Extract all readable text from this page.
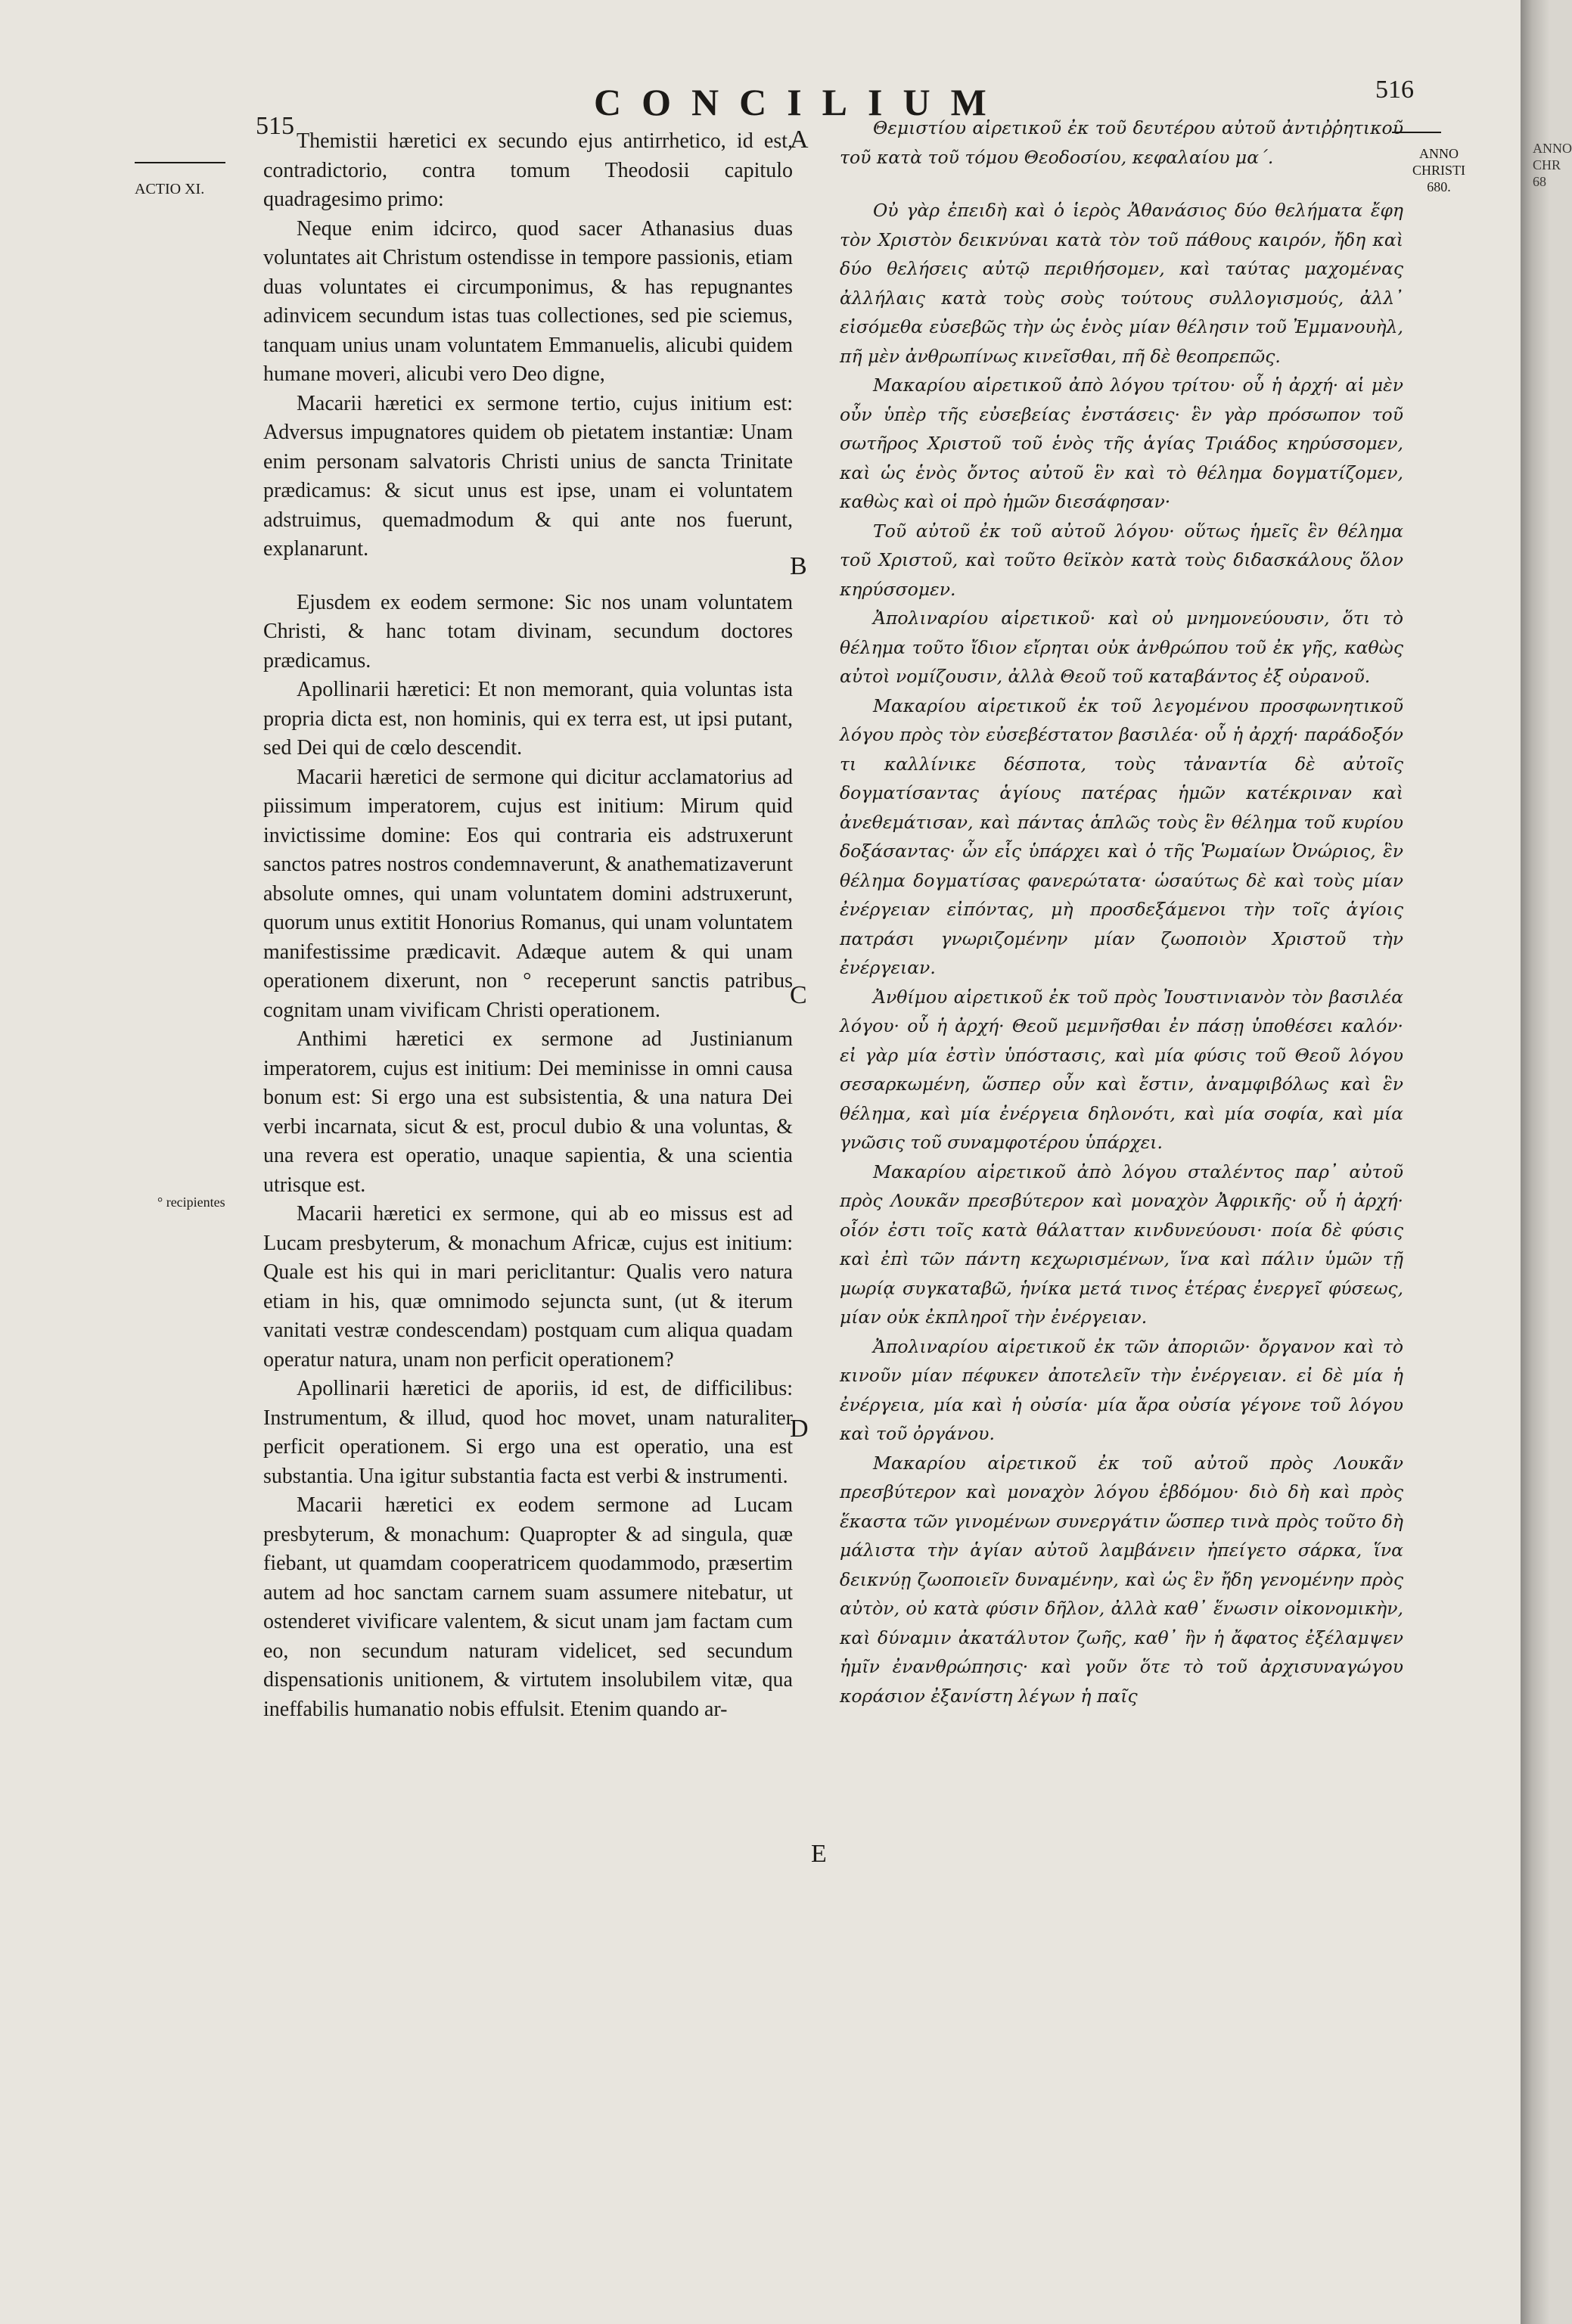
515
CONCILIUM	516
ACTIO XI.
ANNO CHRISTI 680.
° recipientes
A
B
C
D
E

Themistii hæretici ex secundo ejus antirrhetico, id est, contradictorio, contra tomum Theodosii capitulo quadragesimo primo:

Neque enim idcirco, quod sacer Athanasius duas voluntates ait Christum ostendisse in tempore passionis, etiam duas voluntates ei circumponimus, & has repugnantes adinvicem secundum istas tuas collectiones, sed pie sciemus, tanquam unius unam voluntatem Emmanuelis, alicubi quidem humane moveri, alicubi vero Deo digne,

Macarii hæretici ex sermone tertio, cujus initium est: Adversus impugnatores quidem ob pietatem instantiæ: Unam enim personam salvatoris Christi unius de sancta Trinitate prædicamus: & sicut unus est ipse, unam ei voluntatem adstruimus, quemadmodum & qui ante nos fuerunt, explanarunt.

Ejusdem ex eodem sermone: Sic nos unam voluntatem Christi, & hanc totam divinam, secundum doctores prædicamus.

Apollinarii hæretici: Et non memorant, quia voluntas ista propria dicta est, non hominis, qui ex terra est, ut ipsi putant, sed Dei qui de cœlo descendit.

Macarii hæretici de sermone qui dicitur acclamatorius ad piissimum imperatorem, cujus est initium: Mirum quid invictissime domine: Eos qui contraria eis adstruxerunt sanctos patres nostros condemnaverunt, & anathematizaverunt absolute omnes, qui unam voluntatem domini adstruxerunt, quorum unus extitit Honorius Romanus, qui unam voluntatem manifestissime prædicavit. Adæque autem & qui unam operationem dixerunt, non ° receperunt sanctis patribus cognitam unam vivificam Christi operationem.

Anthimi hæretici ex sermone ad Justinianum imperatorem, cujus est initium: Dei meminisse in omni causa bonum est: Si ergo una est subsistentia, & una natura Dei verbi incarnata, sicut & est, procul dubio & una voluntas, & una revera est operatio, unaque sapientia, & una scientia utrisque est.

Macarii hæretici ex sermone, qui ab eo missus est ad Lucam presbyterum, & monachum Africæ, cujus est initium: Quale est his qui in mari periclitantur: Qualis vero natura etiam in his, quæ omnimodo sejuncta sunt, (ut & iterum vanitati vestræ condescendam) postquam cum aliqua quadam operatur natura, unam non perficit operationem?

Apollinarii hæretici de aporiis, id est, de difficilibus: Instrumentum, & illud, quod hoc movet, unam naturaliter perficit operationem. Si ergo una est operatio, una est substantia. Una igitur substantia facta est verbi & instrumenti.

Macarii hæretici ex eodem sermone ad Lucam presbyterum, & monachum: Quapropter & ad singula, quæ fiebant, ut quamdam cooperatricem quodammodo, præsertim autem ad hoc sanctam carnem suam assumere nitebatur, ut ostenderet vivificare valentem, & sicut unam jam factam cum eo, non secundum naturam videlicet, sed secundum dispensationis unitionem, & virtutem insolubilem vitæ, qua ineffabilis humanatio nobis effulsit. Etenim quando ar-

Θεμιστίου αἱρετικοῦ ἐκ τοῦ δευτέρου αὐτοῦ ἀντιῤῥητικοῦ τοῦ κατὰ τοῦ τόμου Θεοδοσίου, κεφαλαίου μα΄.

Οὐ γὰρ ἐπειδὴ καὶ ὁ ἱερὸς Ἀθανάσιος δύο θελήματα ἔφη τὸν Χριστὸν δεικνύναι κατὰ τὸν τοῦ πάθους καιρόν, ἤδη καὶ δύο θελήσεις αὐτῷ περιθήσομεν, καὶ ταύτας μαχομένας ἀλλήλαις κατὰ τοὺς σοὺς τούτους συλλογισμούς, ἀλλ᾽ εἰσόμεθα εὐσεβῶς τὴν ὡς ἑνὸς μίαν θέλησιν τοῦ Ἐμμανουὴλ, πῆ μὲν ἀνθρωπίνως κινεῖσθαι, πῆ δὲ θεοπρεπῶς.

Μακαρίου αἱρετικοῦ ἀπὸ λόγου τρίτου· οὗ ἡ ἀρχή· αἱ μὲν οὖν ὑπὲρ τῆς εὐσεβείας ἐνστάσεις· ἓν γὰρ πρόσωπον τοῦ σωτῆρος Χριστοῦ τοῦ ἑνὸς τῆς ἁγίας Τριάδος κηρύσσομεν, καὶ ὡς ἑνὸς ὄντος αὐτοῦ ἓν καὶ τὸ θέλημα δογματίζομεν, καθὼς καὶ οἱ πρὸ ἡμῶν διεσάφησαν·

Τοῦ αὐτοῦ ἐκ τοῦ αὐτοῦ λόγου· οὕτως ἡμεῖς ἓν θέλημα τοῦ Χριστοῦ, καὶ τοῦτο θεϊκὸν κατὰ τοὺς διδασκάλους ὅλον κηρύσσομεν.

Ἀπολιναρίου αἱρετικοῦ· καὶ οὐ μνημονεύουσιν, ὅτι τὸ θέλημα τοῦτο ἴδιον εἴρηται οὐκ ἀνθρώπου τοῦ ἐκ γῆς, καθὼς αὐτοὶ νομίζουσιν, ἀλλὰ Θεοῦ τοῦ καταβάντος ἐξ οὐρανοῦ.

Μακαρίου αἱρετικοῦ ἐκ τοῦ λεγομένου προσφωνητικοῦ λόγου πρὸς τὸν εὐσεβέστατον βασιλέα· οὗ ἡ ἀρχή· παράδοξόν τι καλλίνικε δέσποτα, τοὺς τἀναντία δὲ αὐτοῖς δογματίσαντας ἁγίους πατέρας ἡμῶν κατέκριναν καὶ ἀνεθεμάτισαν, καὶ πάντας ἁπλῶς τοὺς ἓν θέλημα τοῦ κυρίου δοξάσαντας· ὧν εἷς ὑπάρχει καὶ ὁ τῆς Ῥωμαίων Ὀνώριος, ἓν θέλημα δογματίσας φανερώτατα· ὡσαύτως δὲ καὶ τοὺς μίαν ἐνέργειαν εἰπόντας, μὴ προσδεξάμενοι τὴν τοῖς ἁγίοις πατράσι γνωριζομένην μίαν ζωοποιὸν Χριστοῦ τὴν ἐνέργειαν.

Ἀνθίμου αἱρετικοῦ ἐκ τοῦ πρὸς Ἰουστινιανὸν τὸν βασιλέα λόγου· οὗ ἡ ἀρχή· Θεοῦ μεμνῆσθαι ἐν πάσῃ ὑποθέσει καλόν· εἰ γὰρ μία ἐστὶν ὑπόστασις, καὶ μία φύσις τοῦ Θεοῦ λόγου σεσαρκωμένη, ὥσπερ οὖν καὶ ἔστιν, ἀναμφιβόλως καὶ ἓν θέλημα, καὶ μία ἐνέργεια δηλονότι, καὶ μία σοφία, καὶ μία γνῶσις τοῦ συναμφοτέρου ὑπάρχει.

Μακαρίου αἱρετικοῦ ἀπὸ λόγου σταλέντος παρ᾽ αὐτοῦ πρὸς Λουκᾶν πρεσβύτερον καὶ μοναχὸν Ἀφρικῆς· οὗ ἡ ἀρχή· οἷόν ἐστι τοῖς κατὰ θάλατταν κινδυνεύουσι· ποία δὲ φύσις καὶ ἐπὶ τῶν πάντη κεχωρισμένων, ἵνα καὶ πάλιν ὑμῶν τῇ μωρίᾳ συγκαταβῶ, ἡνίκα μετά τινος ἑτέρας ἐνεργεῖ φύσεως, μίαν οὐκ ἐκπληροῖ τὴν ἐνέργειαν.

Ἀπολιναρίου αἱρετικοῦ ἐκ τῶν ἀποριῶν· ὄργανον καὶ τὸ κινοῦν μίαν πέφυκεν ἀποτελεῖν τὴν ἐνέργειαν. εἰ δὲ μία ἡ ἐνέργεια, μία καὶ ἡ οὐσία· μία ἄρα οὐσία γέγονε τοῦ λόγου καὶ τοῦ ὀργάνου.

Μακαρίου αἱρετικοῦ ἐκ τοῦ αὐτοῦ πρὸς Λουκᾶν πρεσβύτερον καὶ μοναχὸν λόγου ἑβδόμου· διὸ δὴ καὶ πρὸς ἕκαστα τῶν γινομένων συνεργάτιν ὥσπερ τινὰ πρὸς τοῦτο δὴ μάλιστα τὴν ἁγίαν αὐτοῦ λαμβάνειν ἠπείγετο σάρκα, ἵνα δεικνύῃ ζωοποιεῖν δυναμένην, καὶ ὡς ἓν ἤδη γενομένην πρὸς αὐτὸν, οὐ κατὰ φύσιν δῆλον, ἀλλὰ καθ᾽ ἕνωσιν οἰκονομικὴν, καὶ δύναμιν ἀκατάλυτον ζωῆς, καθ᾽ ἣν ἡ ἄφατος ἐξέλαμψεν ἡμῖν ἐνανθρώπησις· καὶ γοῦν ὅτε τὸ τοῦ ἀρχισυναγώγου κοράσιον ἐξανίστη λέγων ἡ παῖς

ANNO CHR 68
